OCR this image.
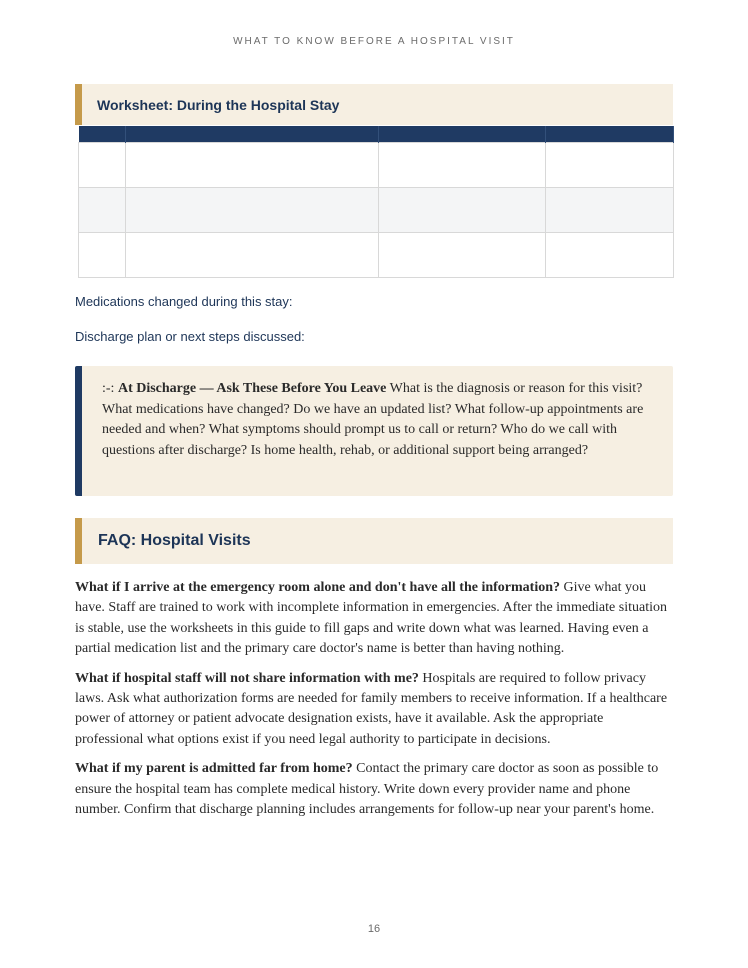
WHAT TO KNOW BEFORE A HOSPITAL VISIT
Worksheet: During the Hospital Stay

Medications changed during this stay:
Discharge plan or next steps discussed:
:-: At Discharge — Ask These Before You Leave What is the diagnosis or reason for this visit? What medications have changed? Do we have an updated list? What follow-up appointments are needed and when? What symptoms should prompt us to call or return? Who do we call with questions after discharge? Is home health, rehab, or additional support being arranged?
FAQ: Hospital Visits

What if I arrive at the emergency room alone and don't have all the information? Give what you have. Staff are trained to work with incomplete information in emergencies. After the immediate situation is stable, use the worksheets in this guide to fill gaps and write down what was learned. Having even a partial medication list and the primary care doctor's name is better than having nothing.

What if hospital staff will not share information with me? Hospitals are required to follow privacy laws. Ask what authorization forms are needed for family members to receive information. If a healthcare power of attorney or patient advocate designation exists, have it available. Ask the appropriate professional what options exist if you need legal authority to participate in decisions.

What if my parent is admitted far from home? Contact the primary care doctor as soon as possible to ensure the hospital team has complete medical history. Write down every provider name and phone number. Confirm that discharge planning includes arrangements for follow-up near your parent's home.

16
